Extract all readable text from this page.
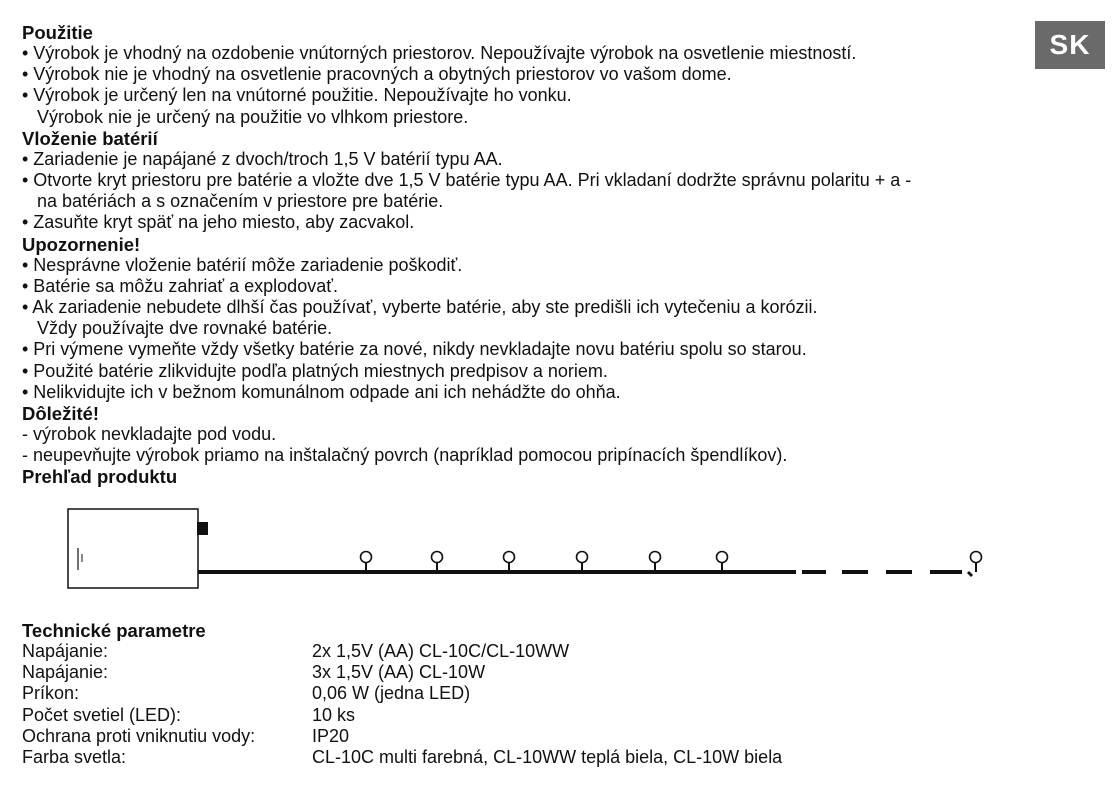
SK

Použitie

• Výrobok je vhodný na ozdobenie vnútorných priestorov. Nepoužívajte výrobok na osvetlenie miestností.

• Výrobok nie je vhodný na osvetlenie pracovných a obytných priestorov vo vašom dome.

• Výrobok je určený len na vnútorné použitie. Nepoužívajte ho vonku.

Výrobok nie je určený na použitie vo vlhkom priestore.

Vloženie batérií

• Zariadenie je napájané z dvoch/troch 1,5 V batérií typu AA.

• Otvorte kryt priestoru pre batérie a vložte dve 1,5 V batérie typu AA. Pri vkladaní dodržte správnu polaritu + a -

na batériách a s označením v priestore pre batérie.

• Zasuňte kryt späť na jeho miesto, aby zacvakol.

Upozornenie!

• Nesprávne vloženie batérií môže zariadenie poškodiť.

• Batérie sa môžu zahriať a explodovať.

• Ak zariadenie nebudete dlhší čas používať, vyberte batérie, aby ste predišli ich vytečeniu a korózii.

Vždy používajte dve rovnaké batérie.

• Pri výmene vymeňte vždy všetky batérie za nové, nikdy nevkladajte novu batériu spolu so starou.

• Použité batérie zlikvidujte podľa platných miestnych predpisov a noriem.

• Nelikvidujte ich v bežnom komunálnom odpade ani ich nehádžte do ohňa.

Dôležité!

- výrobok nevkladajte pod vodu.

- neupevňujte výrobok priamo na inštalačný povrch (napríklad pomocou pripínacích špendlíkov).

Prehľad produktu

Technické parametre

Napájanie:	2x 1,5V (AA) CL-10C/CL-10WW
Napájanie:	3x 1,5V (AA) CL-10W
Príkon:	0,06 W (jedna LED)
Počet svetiel (LED):	10 ks
Ochrana proti vniknutiu vody:	IP20
Farba svetla:	CL-10C multi farebná, CL-10WW teplá biela, CL-10W biela
